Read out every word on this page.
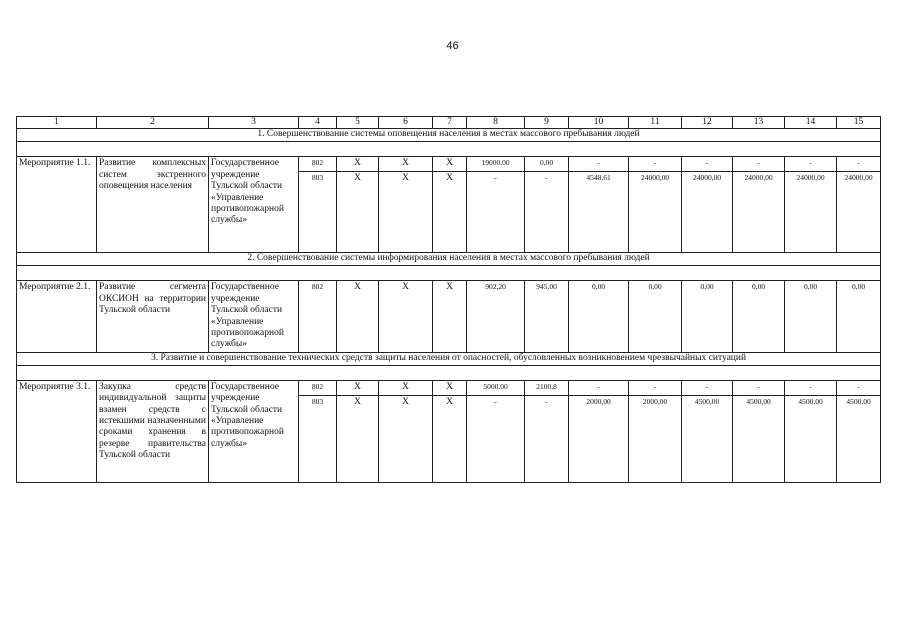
46
1	2	3	4	5	6	7	8	9	10	11	12	13	14	15
1. Совершенствование системы оповещения населения в местах массового пребывания людей														

Мероприятие 1.1.	Развитие комплексных систем экстренного оповещения населения	Государственное учреждение Тульской области «Управление противопожарной службы»	802	X	X	X	19000,00	0,00	-	-	-	-	-	-
			803	X	X	X	-	-	4548,61	24000,00	24000,00	24000,00	24000,00	24000,00
2. Совершенствование системы информирования населения в местах массового пребывания людей														

Мероприятие 2.1.	Развитие сегмента ОКСИОН на территории Тульской области	Государственное учреждение Тульской области «Управление противопожарной службы»	802	X	X	X	902,20	945,00	0,00	0,00	0,00	0,00	0,00	0,00
3. Развитие и совершенствование технических средств защиты населения от опасностей, обусловленных возникновением чрезвычайных ситуаций														

Мероприятие 3.1.	Закупка средств индивидуальной защиты взамен средств с истекшими назначенными сроками хранения в резерве правительства Тульской области	Государственное учреждение Тульской области «Управление противопожарной службы»	802	X	X	X	5000,00	2100,8	-	-	-	-	-	-
			803	X	X	X	-	-	2000,00	2000,00	4500,00	4500,00	4500,00	4500,00
